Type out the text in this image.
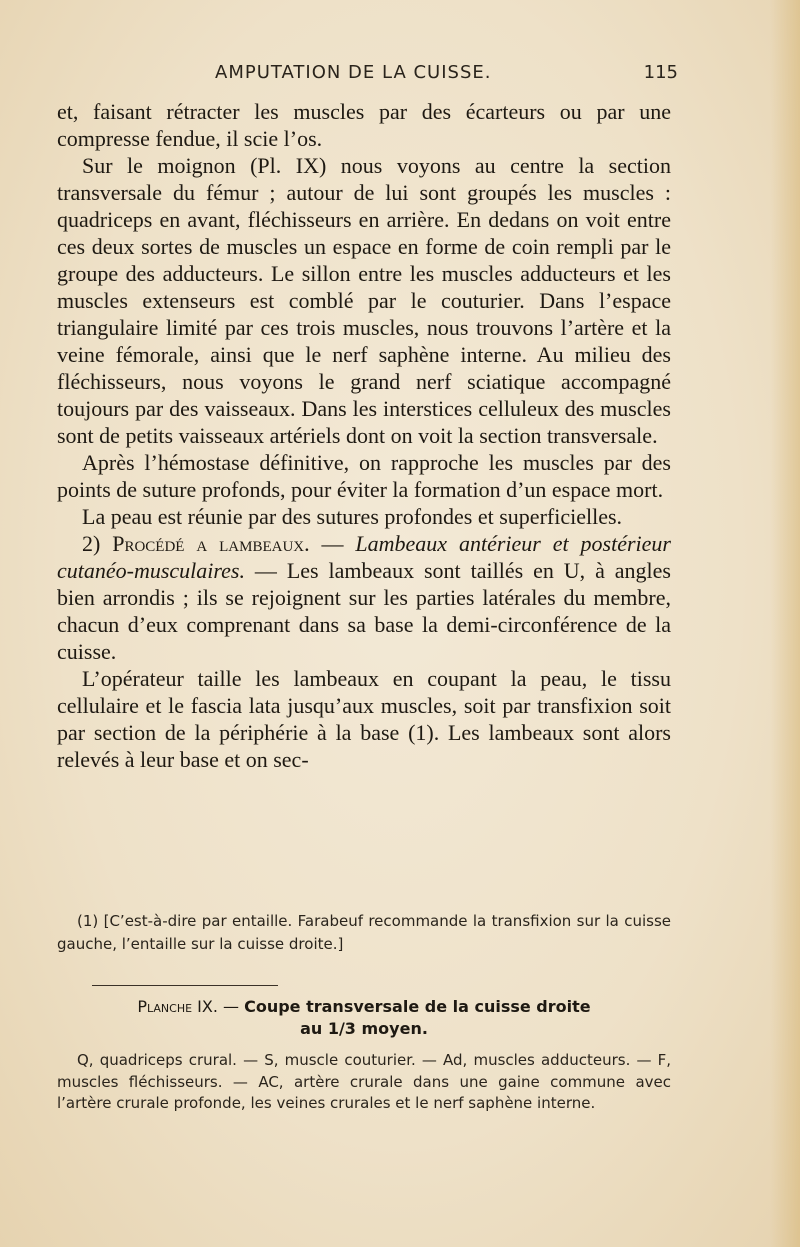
AMPUTATION DE LA CUISSE.	115

et, faisant rétracter les muscles par des écarteurs ou par une compresse fendue, il scie l’os.

Sur le moignon (Pl. IX) nous voyons au centre la section transversale du fémur ; autour de lui sont groupés les muscles : quadriceps en avant, fléchisseurs en arrière. En dedans on voit entre ces deux sortes de muscles un espace en forme de coin rempli par le groupe des adducteurs. Le sillon entre les muscles adducteurs et les muscles extenseurs est comblé par le couturier. Dans l’espace triangulaire limité par ces trois muscles, nous trouvons l’artère et la veine fémorale, ainsi que le nerf saphène interne. Au milieu des fléchisseurs, nous voyons le grand nerf sciatique accompagné toujours par des vaisseaux. Dans les interstices celluleux des muscles sont de petits vaisseaux artériels dont on voit la section transversale.

Après l’hémostase définitive, on rapproche les muscles par des points de suture profonds, pour éviter la formation d’un espace mort.

La peau est réunie par des sutures profondes et superficielles.

2) Procédé a lambeaux. — Lambeaux antérieur et postérieur cutanéo-musculaires. — Les lambeaux sont taillés en U, à angles bien arrondis ; ils se rejoignent sur les parties latérales du membre, chacun d’eux comprenant dans sa base la demi-circonférence de la cuisse.

L’opérateur taille les lambeaux en coupant la peau, le tissu cellulaire et le fascia lata jusqu’aux muscles, soit par transfixion soit par section de la périphérie à la base (1). Les lambeaux sont alors relevés à leur base et on sec-

(1) [C’est-à-dire par entaille. Farabeuf recommande la transfixion sur la cuisse gauche, l’entaille sur la cuisse droite.]

Planche IX. — Coupe transversale de la cuisse droite
au 1/3 moyen.

Q, quadriceps crural. — S, muscle couturier. — Ad, muscles adducteurs. — F, muscles fléchisseurs. — AC, artère crurale dans une gaine commune avec l’artère crurale profonde, les veines crurales et le nerf saphène interne.
